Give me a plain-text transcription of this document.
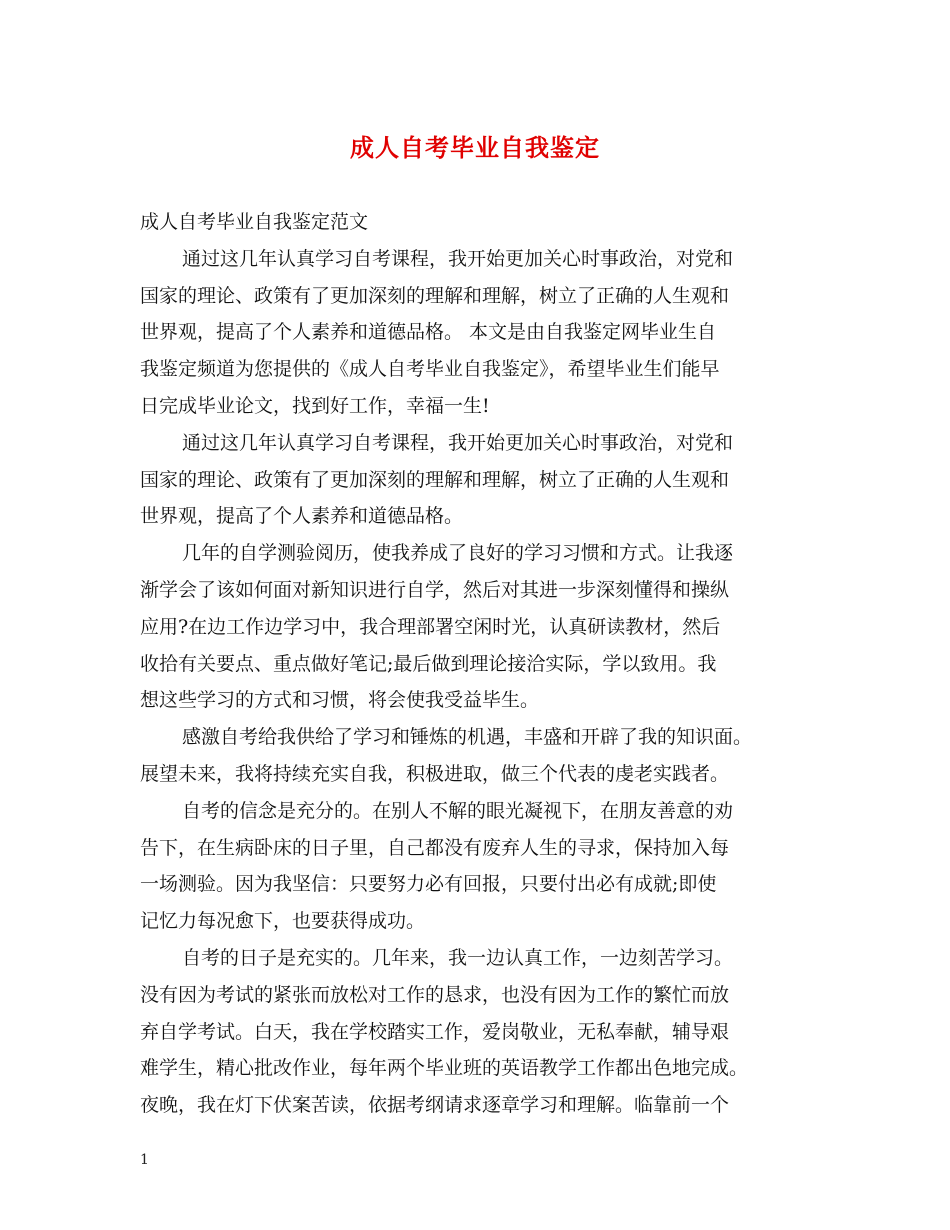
成人自考毕业自我鉴定

成人自考毕业自我鉴定范文

通过这几年认真学习自考课程，我开始更加关心时事政治，对党和

国家的理论、政策有了更加深刻的理解和理解，树立了正确的人生观和

世界观，提高了个人素养和道德品格。 本文是由自我鉴定网毕业生自

我鉴定频道为您提供的《成人自考毕业自我鉴定》，希望毕业生们能早

日完成毕业论文，找到好工作，幸福一生!

通过这几年认真学习自考课程，我开始更加关心时事政治，对党和

国家的理论、政策有了更加深刻的理解和理解，树立了正确的人生观和

世界观，提高了个人素养和道德品格。

几年的自学测验阅历，使我养成了良好的学习习惯和方式。让我逐

渐学会了该如何面对新知识进行自学，然后对其进一步深刻懂得和操纵

应用?在边工作边学习中，我合理部署空闲时光，认真研读教材，然后

收拾有关要点、重点做好笔记;最后做到理论接洽实际，学以致用。我

想这些学习的方式和习惯，将会使我受益毕生。

感激自考给我供给了学习和锤炼的机遇，丰盛和开辟了我的知识面。

展望未来，我将持续充实自我，积极进取，做三个代表的虔老实践者。

自考的信念是充分的。在别人不解的眼光凝视下，在朋友善意的劝

告下，在生病卧床的日子里，自己都没有废弃人生的寻求，保持加入每

一场测验。因为我坚信：只要努力必有回报，只要付出必有成就;即使

记忆力每况愈下，也要获得成功。

自考的日子是充实的。几年来，我一边认真工作，一边刻苦学习。

没有因为考试的紧张而放松对工作的恳求，也没有因为工作的繁忙而放

弃自学考试。白天，我在学校踏实工作，爱岗敬业，无私奉献，辅导艰

难学生，精心批改作业，每年两个毕业班的英语教学工作都出色地完成。

夜晚，我在灯下伏案苦读，依据考纲请求逐章学习和理解。临靠前一个

1
